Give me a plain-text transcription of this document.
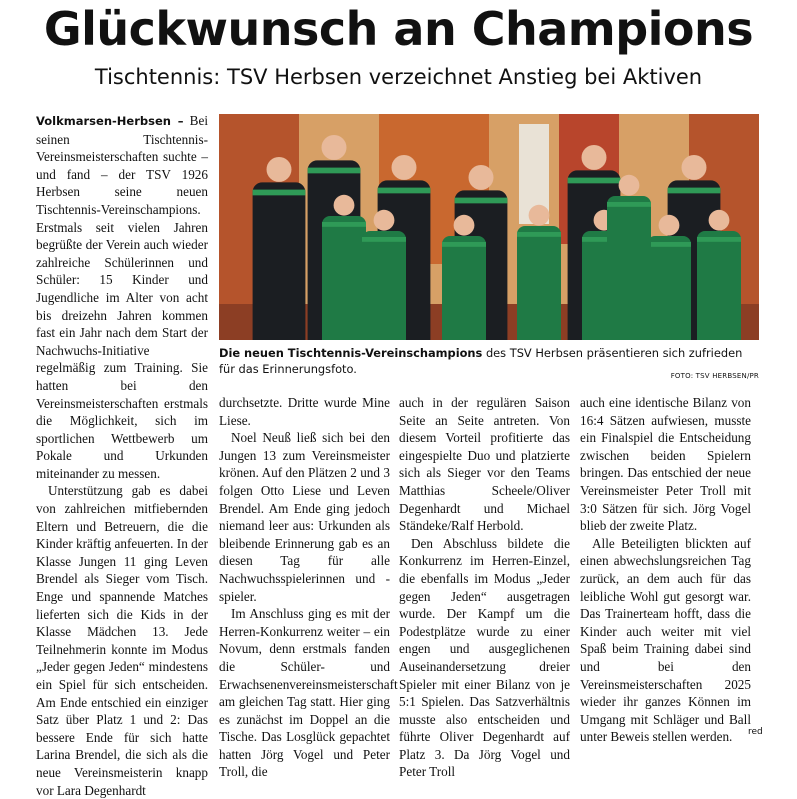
Glückwunsch an Champions
Tischtennis: TSV Herbsen verzeichnet Anstieg bei Aktiven

Volkmarsen-Herbsen – Bei seinen Tischtennis-Vereinsmeisterschaften suchte – und fand – der TSV 1926 Herbsen seine neuen Tischtennis-Vereinschampions. Erstmals seit vielen Jahren begrüßte der Verein auch wieder zahlreiche Schülerinnen und Schüler: 15 Kinder und Jugendliche im Alter von acht bis dreizehn Jahren kommen fast ein Jahr nach dem Start der Nachwuchs-Initiative regelmäßig zum Training. Sie hatten bei den Vereinsmeisterschaften erstmals die Möglichkeit, sich im sportlichen Wettbewerb um Pokale und Urkunden miteinander zu messen.

Unterstützung gab es dabei von zahlreichen mitfiebernden Eltern und Betreuern, die die Kinder kräftig anfeuerten. In der Klasse Jungen 11 ging Leven Brendel als Sieger vom Tisch. Enge und spannende Matches lieferten sich die Kids in der Klasse Mädchen 13. Jede Teilnehmerin konnte im Modus „Jeder gegen Jeden“ mindestens ein Spiel für sich entscheiden. Am Ende entschied ein einziger Satz über Platz 1 und 2: Das bessere Ende für sich hatte Larina Brendel, die sich als die neue Vereinsmeisterin knapp vor Lara Degenhardt

Die neuen Tischtennis-Vereinschampions des TSV Herbsen präsentieren sich zufrieden für das Erinnerungsfoto.	FOTO: TSV HERBSEN/PR

durchsetzte. Dritte wurde Mine Liese.

Noel Neuß ließ sich bei den Jungen 13 zum Vereinsmeister krönen. Auf den Plätzen 2 und 3 folgen Otto Liese und Leven Brendel. Am Ende ging jedoch niemand leer aus: Urkunden als bleibende Erinnerung gab es an diesen Tag für alle Nachwuchsspielerinnen und -spieler.

Im Anschluss ging es mit der Herren-Konkurrenz weiter – ein Novum, denn erstmals fanden die Schüler- und Erwachsenenvereinsmeisterschaft am gleichen Tag statt. Hier ging es zunächst im Doppel an die Tische. Das Losglück gepachtet hatten Jörg Vogel und Peter Troll, die

auch in der regulären Saison Seite an Seite antreten. Von diesem Vorteil profitierte das eingespielte Duo und platzierte sich als Sieger vor den Teams Matthias Scheele/Oliver Degenhardt und Michael Ständeke/Ralf Herbold.

Den Abschluss bildete die Konkurrenz im Herren-Einzel, die ebenfalls im Modus „Jeder gegen Jeden“ ausgetragen wurde. Der Kampf um die Podestplätze wurde zu einer engen und ausgeglichenen Auseinandersetzung dreier Spieler mit einer Bilanz von je 5:1 Spielen. Das Satzverhältnis musste also entscheiden und führte Oliver Degenhardt auf Platz 3. Da Jörg Vogel und Peter Troll

auch eine identische Bilanz von 16:4 Sätzen aufwiesen, musste ein Finalspiel die Entscheidung zwischen beiden Spielern bringen. Das entschied der neue Vereinsmeister Peter Troll mit 3:0 Sätzen für sich. Jörg Vogel blieb der zweite Platz.

Alle Beteiligten blickten auf einen abwechslungsreichen Tag zurück, an dem auch für das leibliche Wohl gut gesorgt war. Das Trainerteam hofft, dass die Kinder auch weiter mit viel Spaß beim Training dabei sind und bei den Vereinsmeisterschaften 2025 wieder ihr ganzes Können im Umgang mit Schläger und Ball unter Beweis stellen werden.	red
